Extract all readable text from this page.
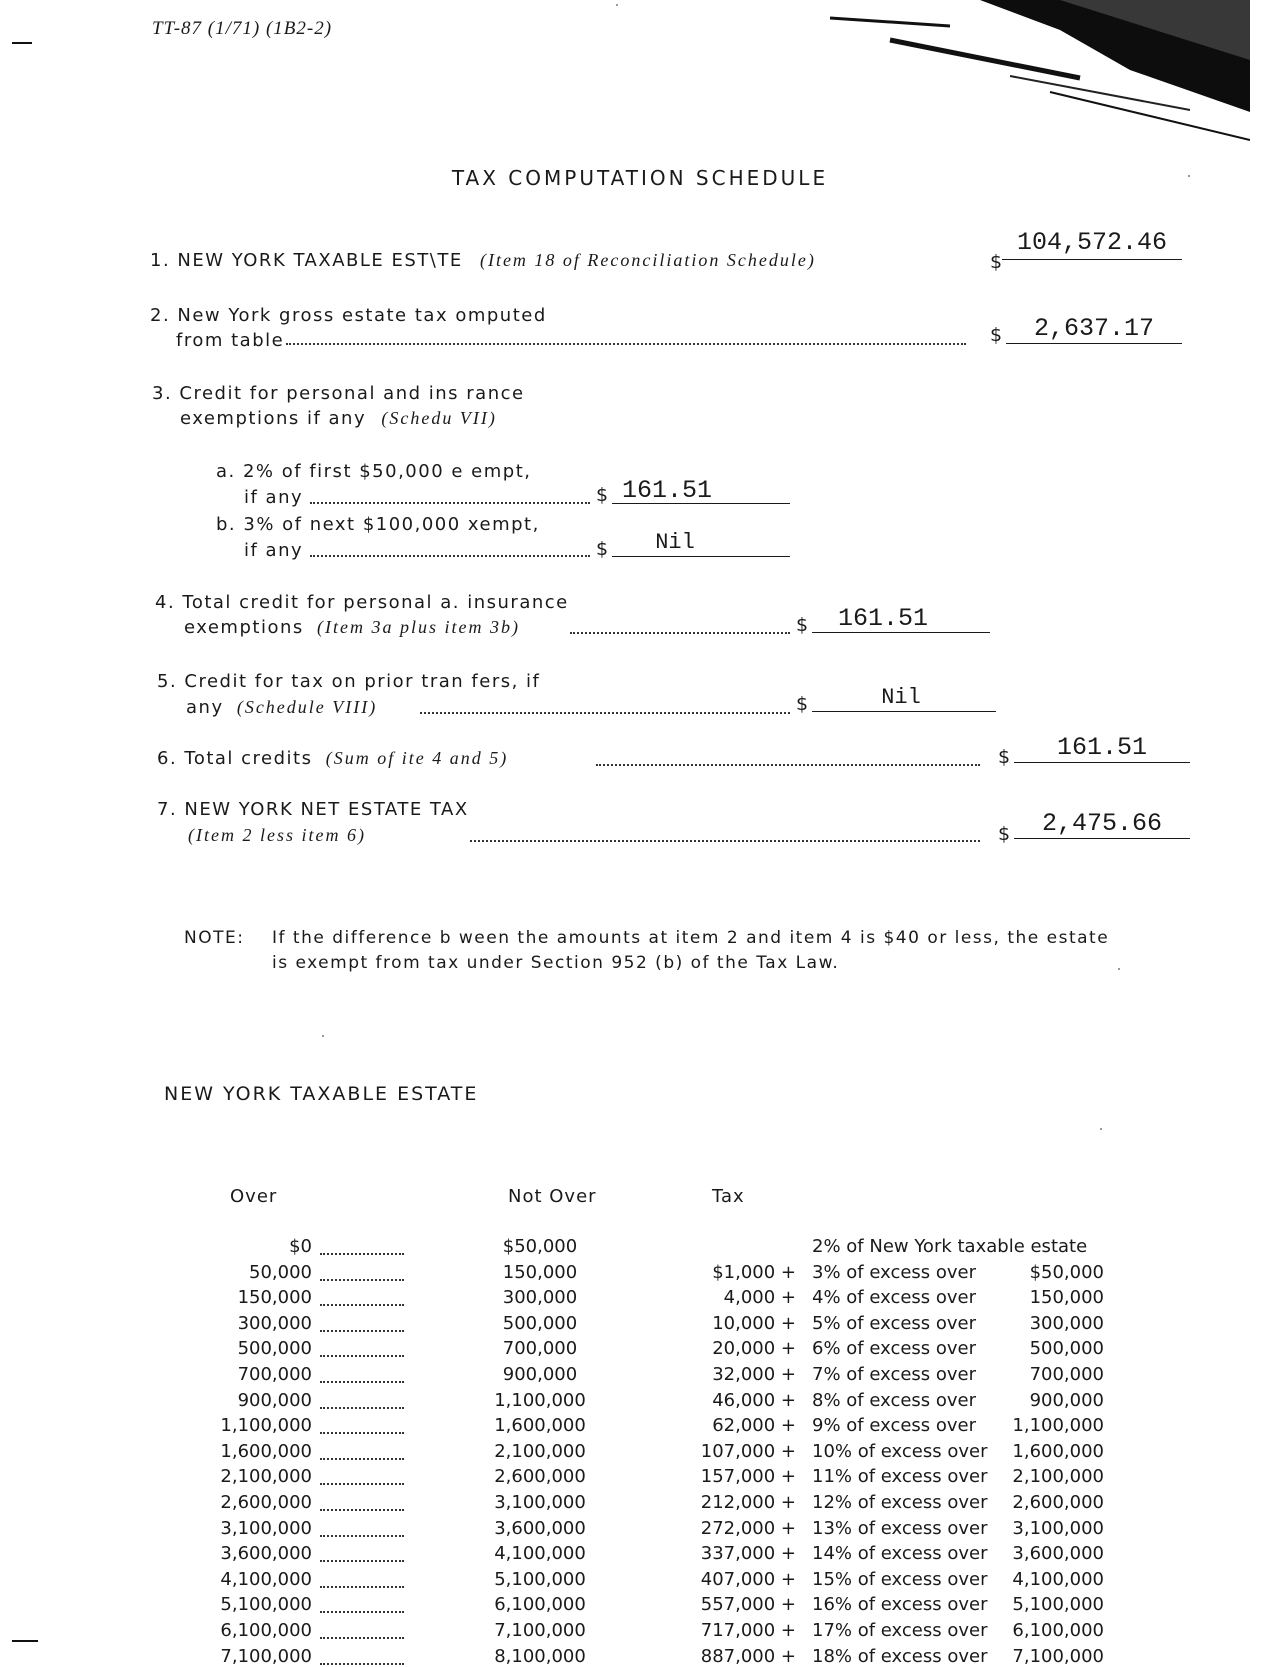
TT-87 (1/71) (1B2-2)
TAX COMPUTATION SCHEDULE
1. NEW YORK TAXABLE EST\TE (Item 18 of Reconciliation Schedule)	$
104,572.46
2. New York gross estate tax omputed
from table	$	2,637.17
3. Credit for personal and ins rance
exemptions if any (Schedu VII)
a. 2% of first $50,000 e empt,
if any	$ 161.51
b. 3% of next $100,000 xempt,
if any	$	Nil
4. Total credit for personal a. insurance
exemptions (Item 3a plus item 3b)	$	161.51
5. Credit for tax on prior tran fers, if
any (Schedule VIII)	$	Nil
6. Total credits (Sum of ite 4 and 5)	$	161.51
7. NEW YORK NET ESTATE TAX
(Item 2 less item 6)	$	2,475.66
NOTE: If the difference b ween the amounts at item 2 and item 4 is $40 or less, the estate
is exempt from tax under Section 952 (b) of the Tax Law.
NEW YORK TAXABLE ESTATE
Over	Not Over	Tax
$0	$50,000	2% of New York taxable estate
50,000	150,000	$1,000 + 3% of excess over	$50,000
150,000	300,000	4,000 + 4% of excess over	150,000
300,000	500,000	10,000 + 5% of excess over	300,000
500,000	700,000	20,000 + 6% of excess over	500,000
700,000	900,000	32,000 + 7% of excess over	700,000
900,000	1,100,000	46,000 + 8% of excess over	900,000
1,100,000	1,600,000	62,000 + 9% of excess over	1,100,000
1,600,000	2,100,000	107,000 + 10% of excess over	1,600,000
2,100,000	2,600,000	157,000 + 11% of excess over	2,100,000
2,600,000	3,100,000	212,000 + 12% of excess over	2,600,000
3,100,000	3,600,000	272,000 + 13% of excess over	3,100,000
3,600,000	4,100,000	337,000 + 14% of excess over	3,600,000
4,100,000	5,100,000	407,000 + 15% of excess over	4,100,000
5,100,000	6,100,000	557,000 + 16% of excess over	5,100,000
6,100,000	7,100,000	717,000 + 17% of excess over	6,100,000
7,100,000	8,100,000	887,000 + 18% of excess over	7,100,000
